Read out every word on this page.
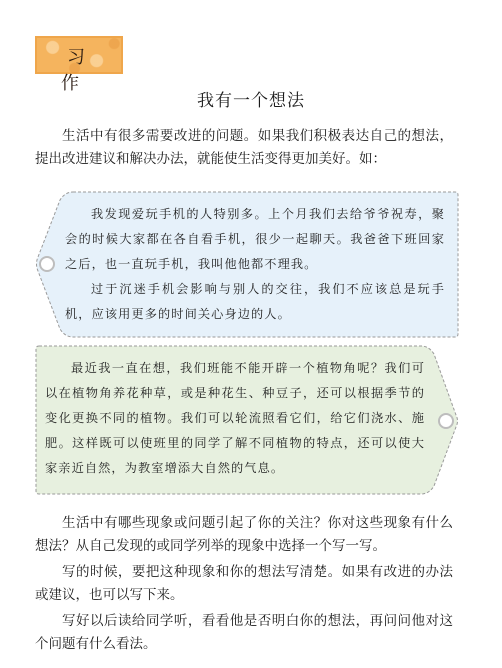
习 作
我有一个想法

生活中有很多需要改进的问题。如果我们积极表达自己的想法，提出改进建议和解决办法，就能使生活变得更加美好。如：

我发现爱玩手机的人特别多。上个月我们去给爷爷祝寿，聚会的时候大家都在各自看手机，很少一起聊天。我爸爸下班回家之后，也一直玩手机，我叫他他都不理我。

过于沉迷手机会影响与别人的交往，我们不应该总是玩手机，应该用更多的时间关心身边的人。

最近我一直在想，我们班能不能开辟一个植物角呢？我们可以在植物角养花种草，或是种花生、种豆子，还可以根据季节的变化更换不同的植物。我们可以轮流照看它们，给它们浇水、施肥。这样既可以使班里的同学了解不同植物的特点，还可以使大家亲近自然，为教室增添大自然的气息。

生活中有哪些现象或问题引起了你的关注？你对这些现象有什么想法？从自己发现的或同学列举的现象中选择一个写一写。

写的时候，要把这种现象和你的想法写清楚。如果有改进的办法或建议，也可以写下来。

写好以后读给同学听，看看他是否明白你的想法，再问问他对这个问题有什么看法。
